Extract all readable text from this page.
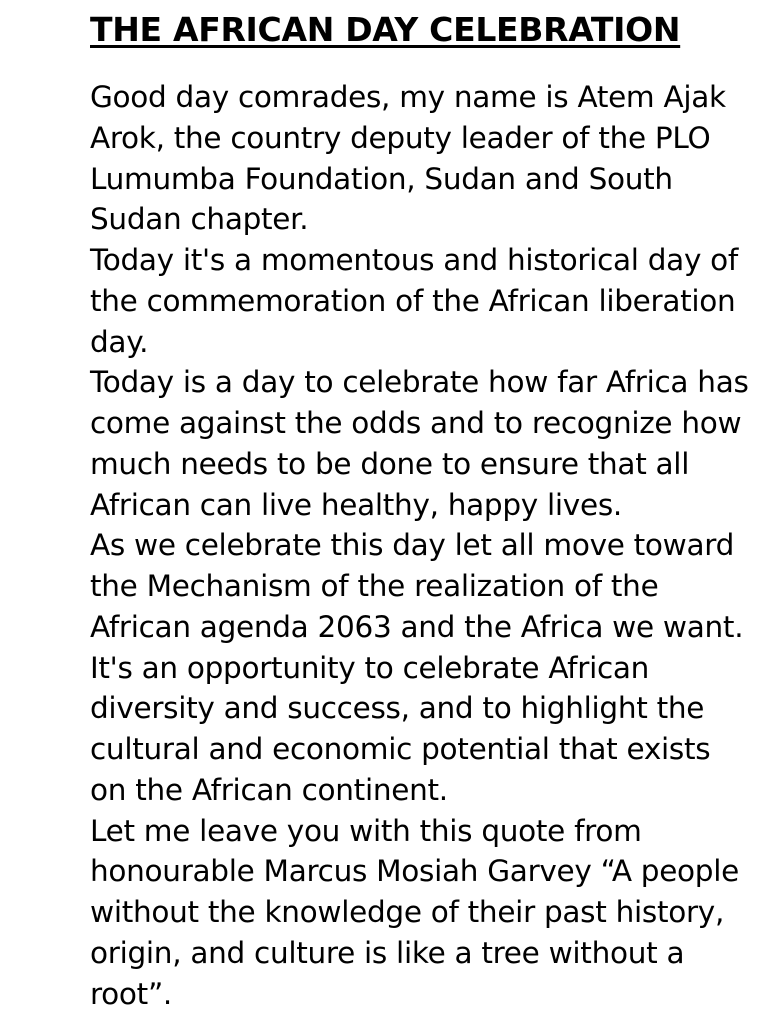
THE AFRICAN DAY CELEBRATION

Good day comrades, my name is Atem Ajak Arok, the country deputy leader of the PLO Lumumba Foundation, Sudan and South Sudan chapter.

Today it's a momentous and historical day of the commemoration of the African liberation day.

Today is a day to celebrate how far Africa has come against the odds and to recognize how much needs to be done to ensure that all African can live healthy, happy lives.

As we celebrate this day let all move toward the Mechanism of the realization of the African agenda 2063 and the Africa we want. It's an opportunity to celebrate African diversity and success, and to highlight the cultural and economic potential that exists on the African continent.

Let me leave you with this quote from honourable Marcus Mosiah Garvey “A people without the knowledge of their past history, origin, and culture is like a tree without a root”.
